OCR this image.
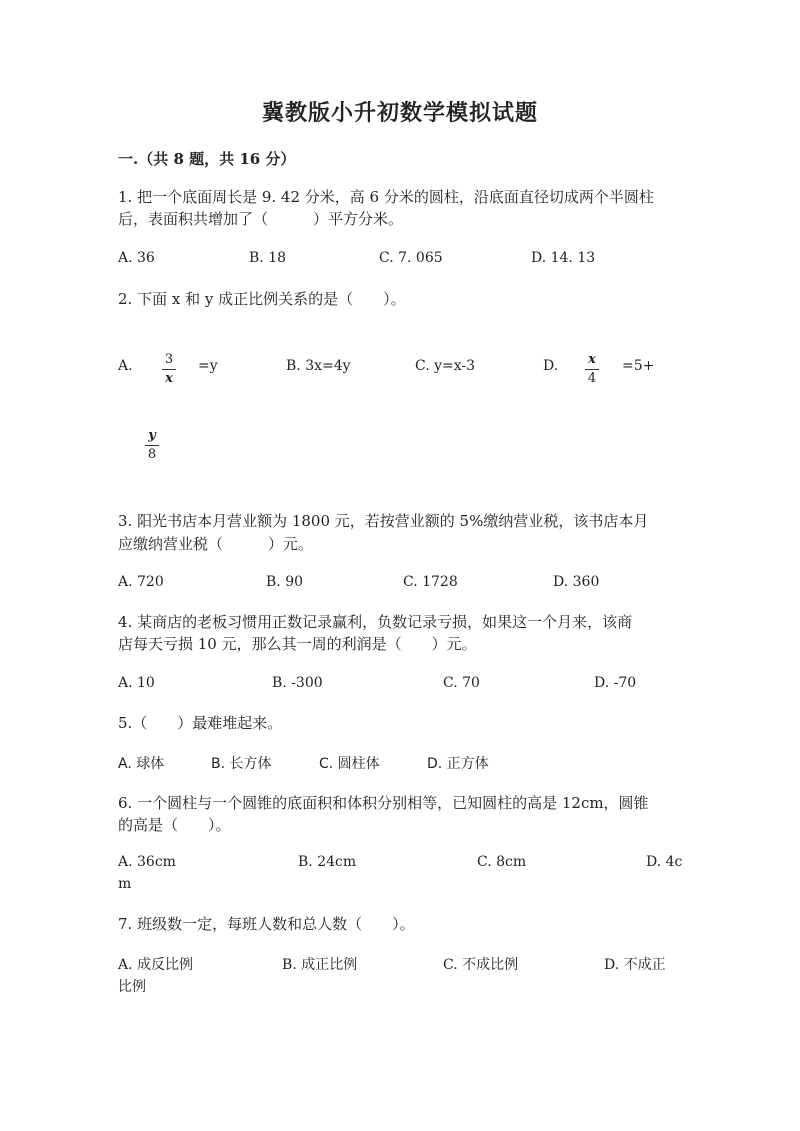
冀教版小升初数学模拟试题
一.（共 8 题，共 16 分）
1. 把一个底面周长是 9. 42 分米，高 6 分米的圆柱，沿底面直径切成两个半圆柱
后，表面积共增加了（　　　）平方分米。
A. 36	B. 18	C. 7. 065	D. 14. 13
2. 下面 x 和 y 成正比例关系的是（　　）。
A. 3
x
=y	B. 3x=4y	C. y=x-3	D. x
4
=5+
y
8
3. 阳光书店本月营业额为 1800 元，若按营业额的 5%缴纳营业税，该书店本月
应缴纳营业税（　　　）元。
A. 720	B. 90	C. 1728	D. 360
4. 某商店的老板习惯用正数记录赢利，负数记录亏损，如果这一个月来，该商
店每天亏损 10 元，那么其一周的利润是（　　）元。
A. 10	B. -300	C. 70	D. -70
5.（　　）最难堆起来。
A. 球体	B. 长方体	C. 圆柱体	D. 正方体
6. 一个圆柱与一个圆锥的底面积和体积分别相等，已知圆柱的高是 12cm，圆锥
的高是（　　）。
A. 36cm	B. 24cm	C. 8cm	D. 4c
m
7. 班级数一定，每班人数和总人数（　　）。
A. 成反比例	B. 成正比例	C. 不成比例	D. 不成正
比例
